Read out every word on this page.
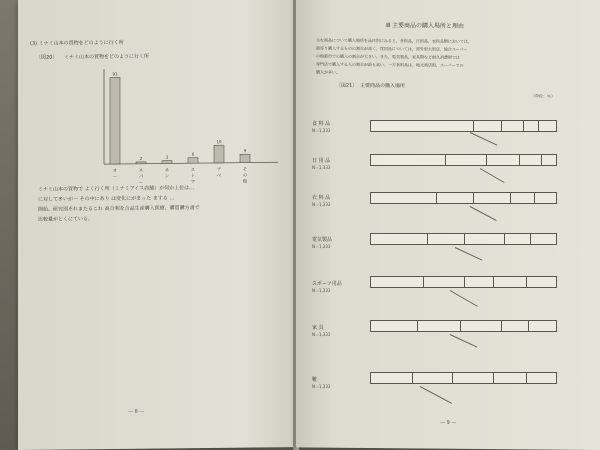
(3) ミナミ山本の買物をどのように行く所
〔図20〕 ミナミ山本の買物をどのように行く所
93
オ
ー
2
ス
パ
ー
3
ネ
ン
6
ス
ト
ア
19
ア
ベ
9
そ
の
他
ミナミ山本の買物で よく行く所（ミナミアイス店舗）が何か上位は…
に対して多いが一 その中にあり は変化にがまった まする …
開始、研究別それまたるこれ 高合利を合品生産購入医療、購買購方書で
比較量がとくにている。
— 8 —
Ⅲ 主要商品の購入場所と理由
主な商品について購入場所を品目別にみると，食料品，日用品，衣料品類においては，
最寄り購入するものの割合が高く，買回品については，郊外型大型店，総合スーパー
の他都市での購入の割合が大きい。また，電気製品，家具類など耐久消費財では
専門店で購入する人の割合が最も高い。一方食料品は，地元商店街，スーパーでの
購入が多い。
〔図21〕 主要商品の購入場所
（単位：％）
食 料 品
N＝1,333
日 用 品
N＝1,333
衣 料 品
N＝1,333
電気製品
N＝1,333
スポーツ用品
N＝1,333
家 具
N＝1,333
靴
N＝1,333
— 9 —
